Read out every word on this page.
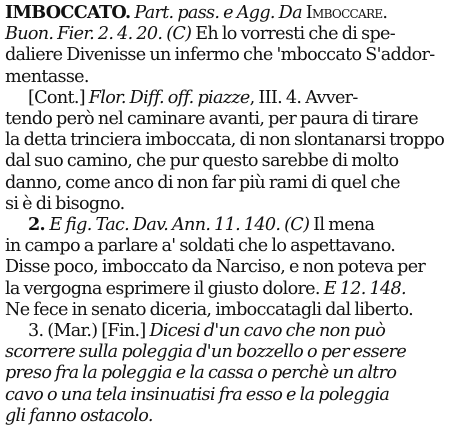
IMBOCCATO. Part. pass. e Agg. Da Imboccare.
Buon. Fier. 2. 4. 20. (C) Eh lo vorresti che di spe-
daliere Divenisse un infermo che 'mboccato S'addor-
mentasse.
[Cont.] Flor. Diff. off. piazze, III. 4. Avver-
tendo però nel caminare avanti, per paura di tirare
la detta trinciera imboccata, di non slontanarsi troppo
dal suo camino, che pur questo sarebbe di molto
danno, come anco di non far più rami di quel che
si è di bisogno.
2. E fig. Tac. Dav. Ann. 11. 140. (C) Il mena
in campo a parlare a' soldati che lo aspettavano.
Disse poco, imboccato da Narciso, e non poteva per
la vergogna esprimere il giusto dolore. E 12. 148.
Ne fece in senato diceria, imboccatagli dal liberto.
3. (Mar.) [Fin.] Dicesi d'un cavo che non può
scorrere sulla poleggia d'un bozzello o per essere
preso fra la poleggia e la cassa o perchè un altro
cavo o una tela insinuatisi fra esso e la poleggia
gli fanno ostacolo.
